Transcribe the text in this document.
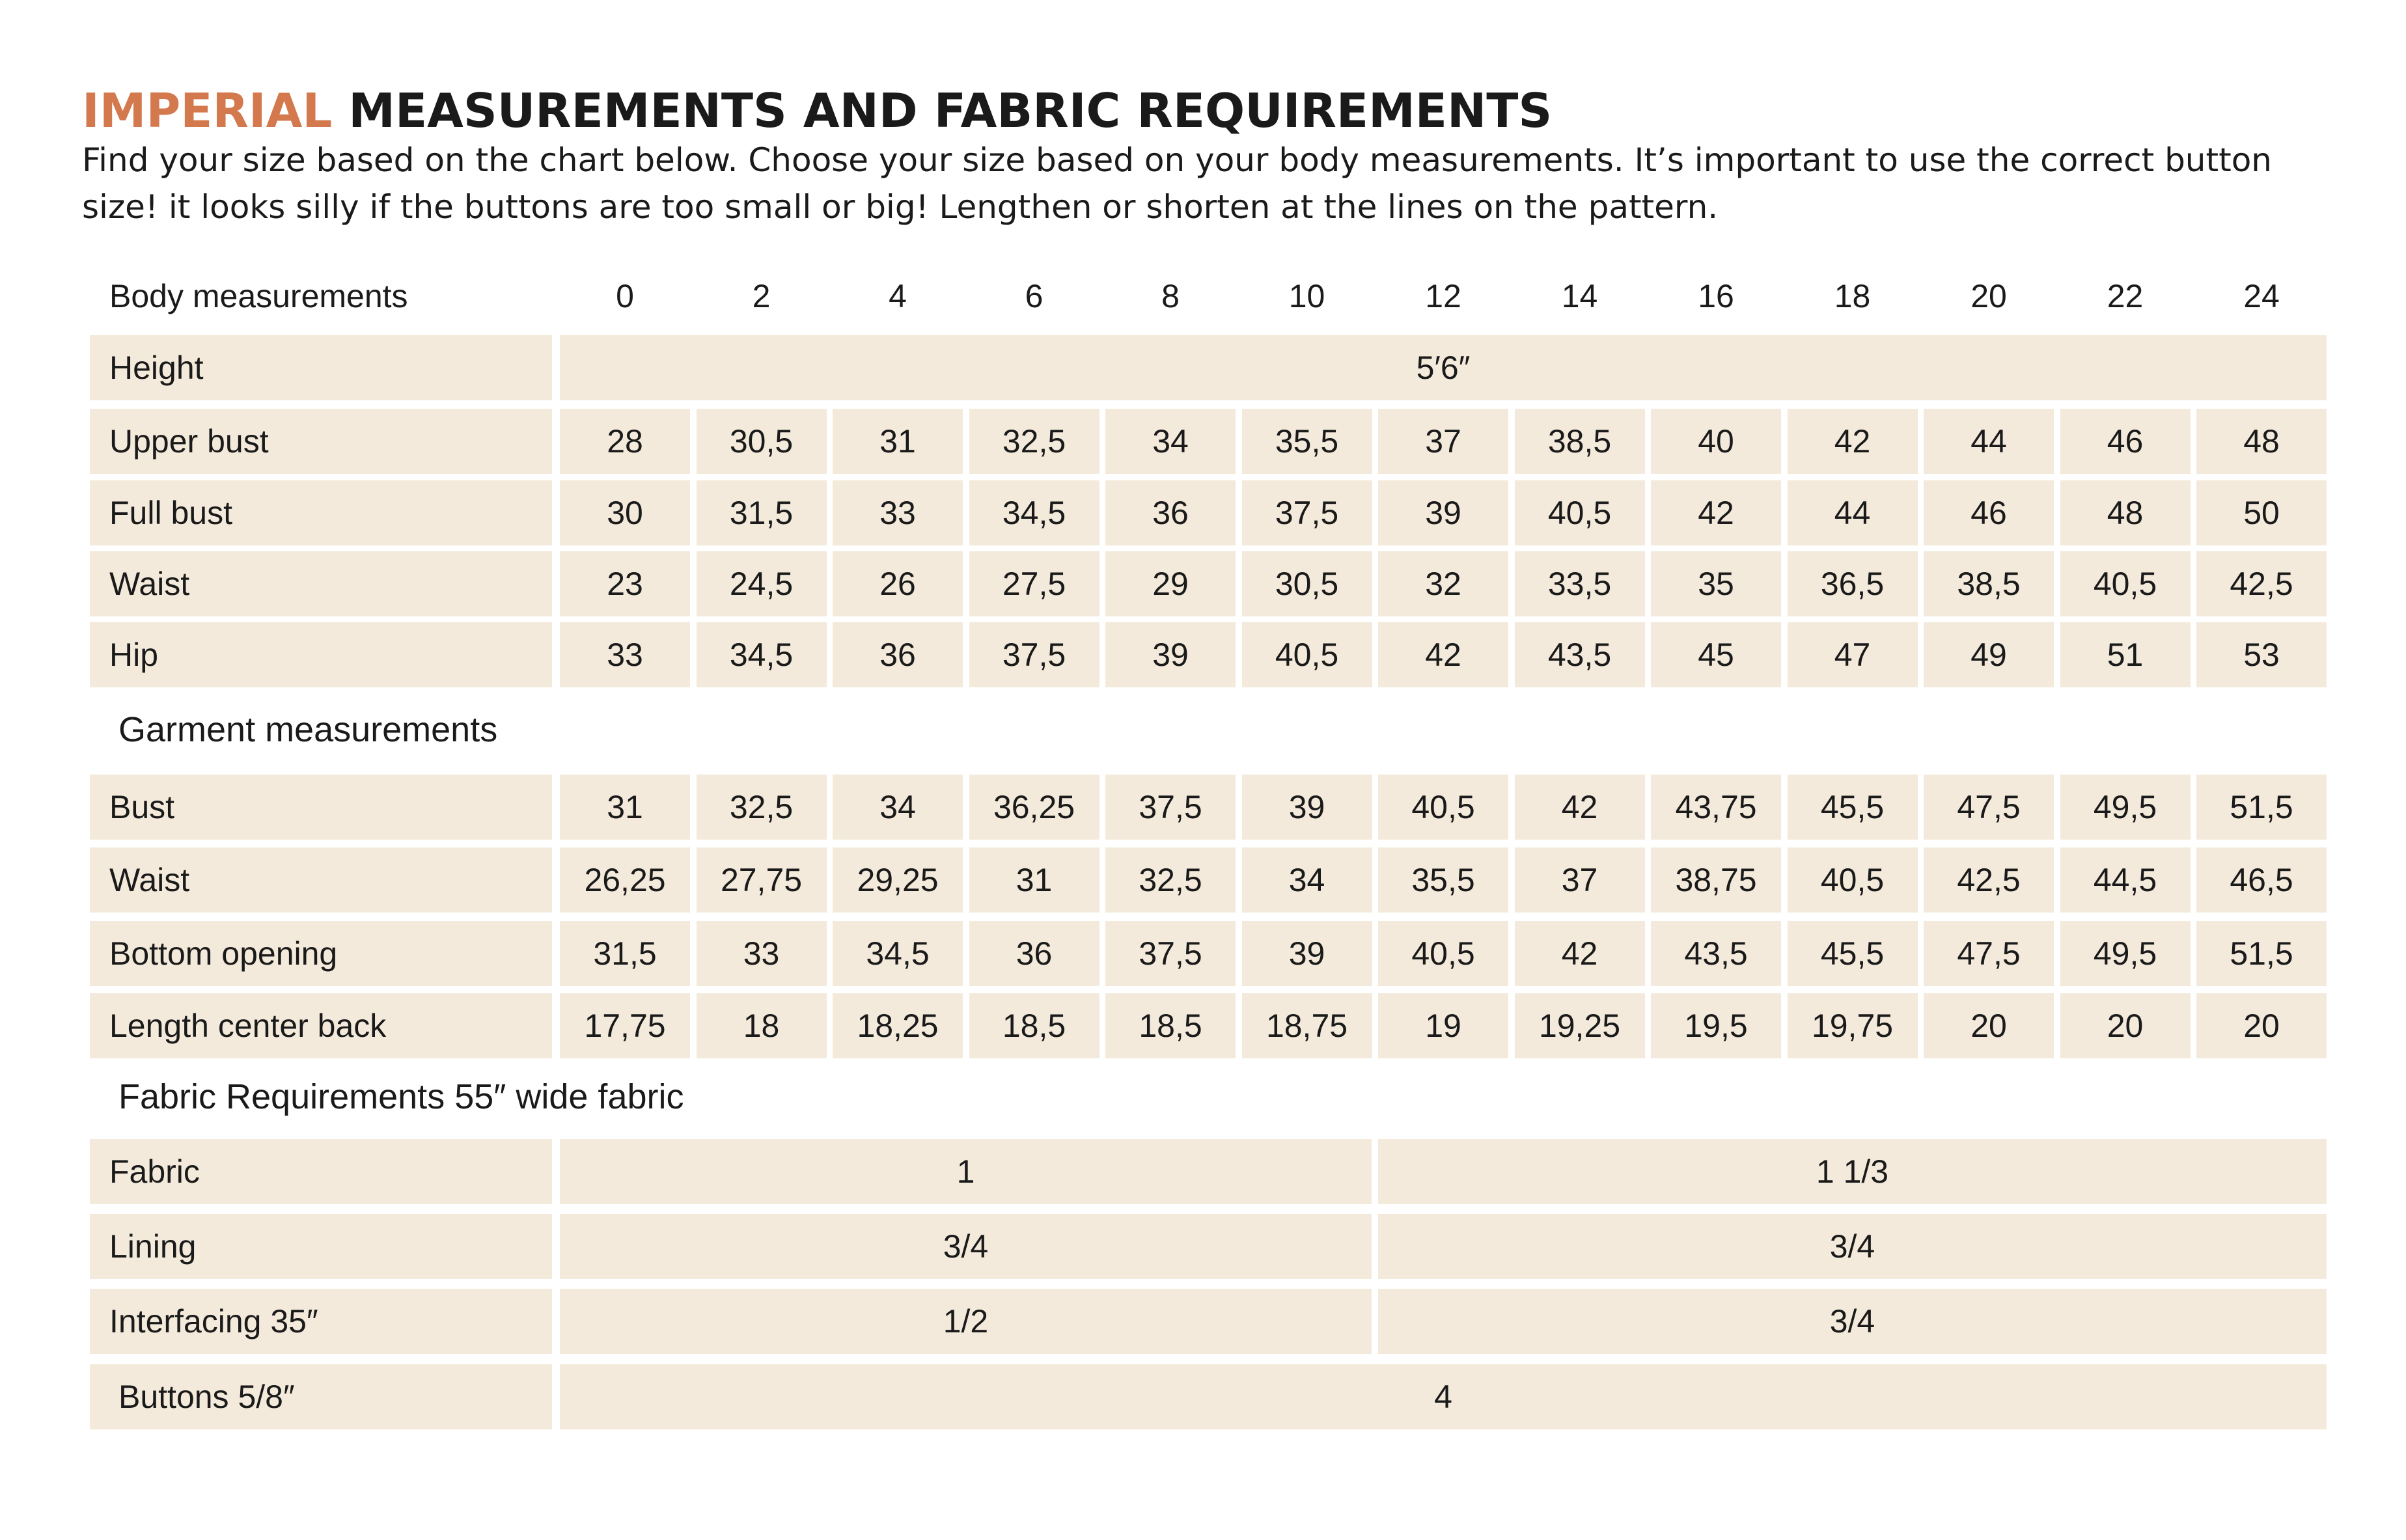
IMPERIAL MEASUREMENTS AND FABRIC REQUIREMENTS

Find your size based on the chart below. Choose your size based on your body measurements. It’s important to use the correct button size! it looks silly if the buttons are too small or big! Lengthen or shorten at the lines on the pattern.

Body measurements	0	2	4	6	8	10	12	14	16	18	20	22	24
Height	5′6″
Upper bust	28	30,5	31	32,5	34	35,5	37	38,5	40	42	44	46	48
Full bust	30	31,5	33	34,5	36	37,5	39	40,5	42	44	46	48	50
Waist	23	24,5	26	27,5	29	30,5	32	33,5	35	36,5	38,5	40,5	42,5
Hip	33	34,5	36	37,5	39	40,5	42	43,5	45	47	49	51	53
Garment measurements
Bust	31	32,5	34	36,25	37,5	39	40,5	42	43,75	45,5	47,5	49,5	51,5
Waist	26,25	27,75	29,25	31	32,5	34	35,5	37	38,75	40,5	42,5	44,5	46,5
Bottom opening	31,5	33	34,5	36	37,5	39	40,5	42	43,5	45,5	47,5	49,5	51,5
Length center back	17,75	18	18,25	18,5	18,5	18,75	19	19,25	19,5	19,75	20	20	20
Fabric Requirements 55″ wide fabric
Fabric	1	1 1/3
Lining	3/4	3/4
Interfacing 35″	1/2	3/4
Buttons 5/8″	4
